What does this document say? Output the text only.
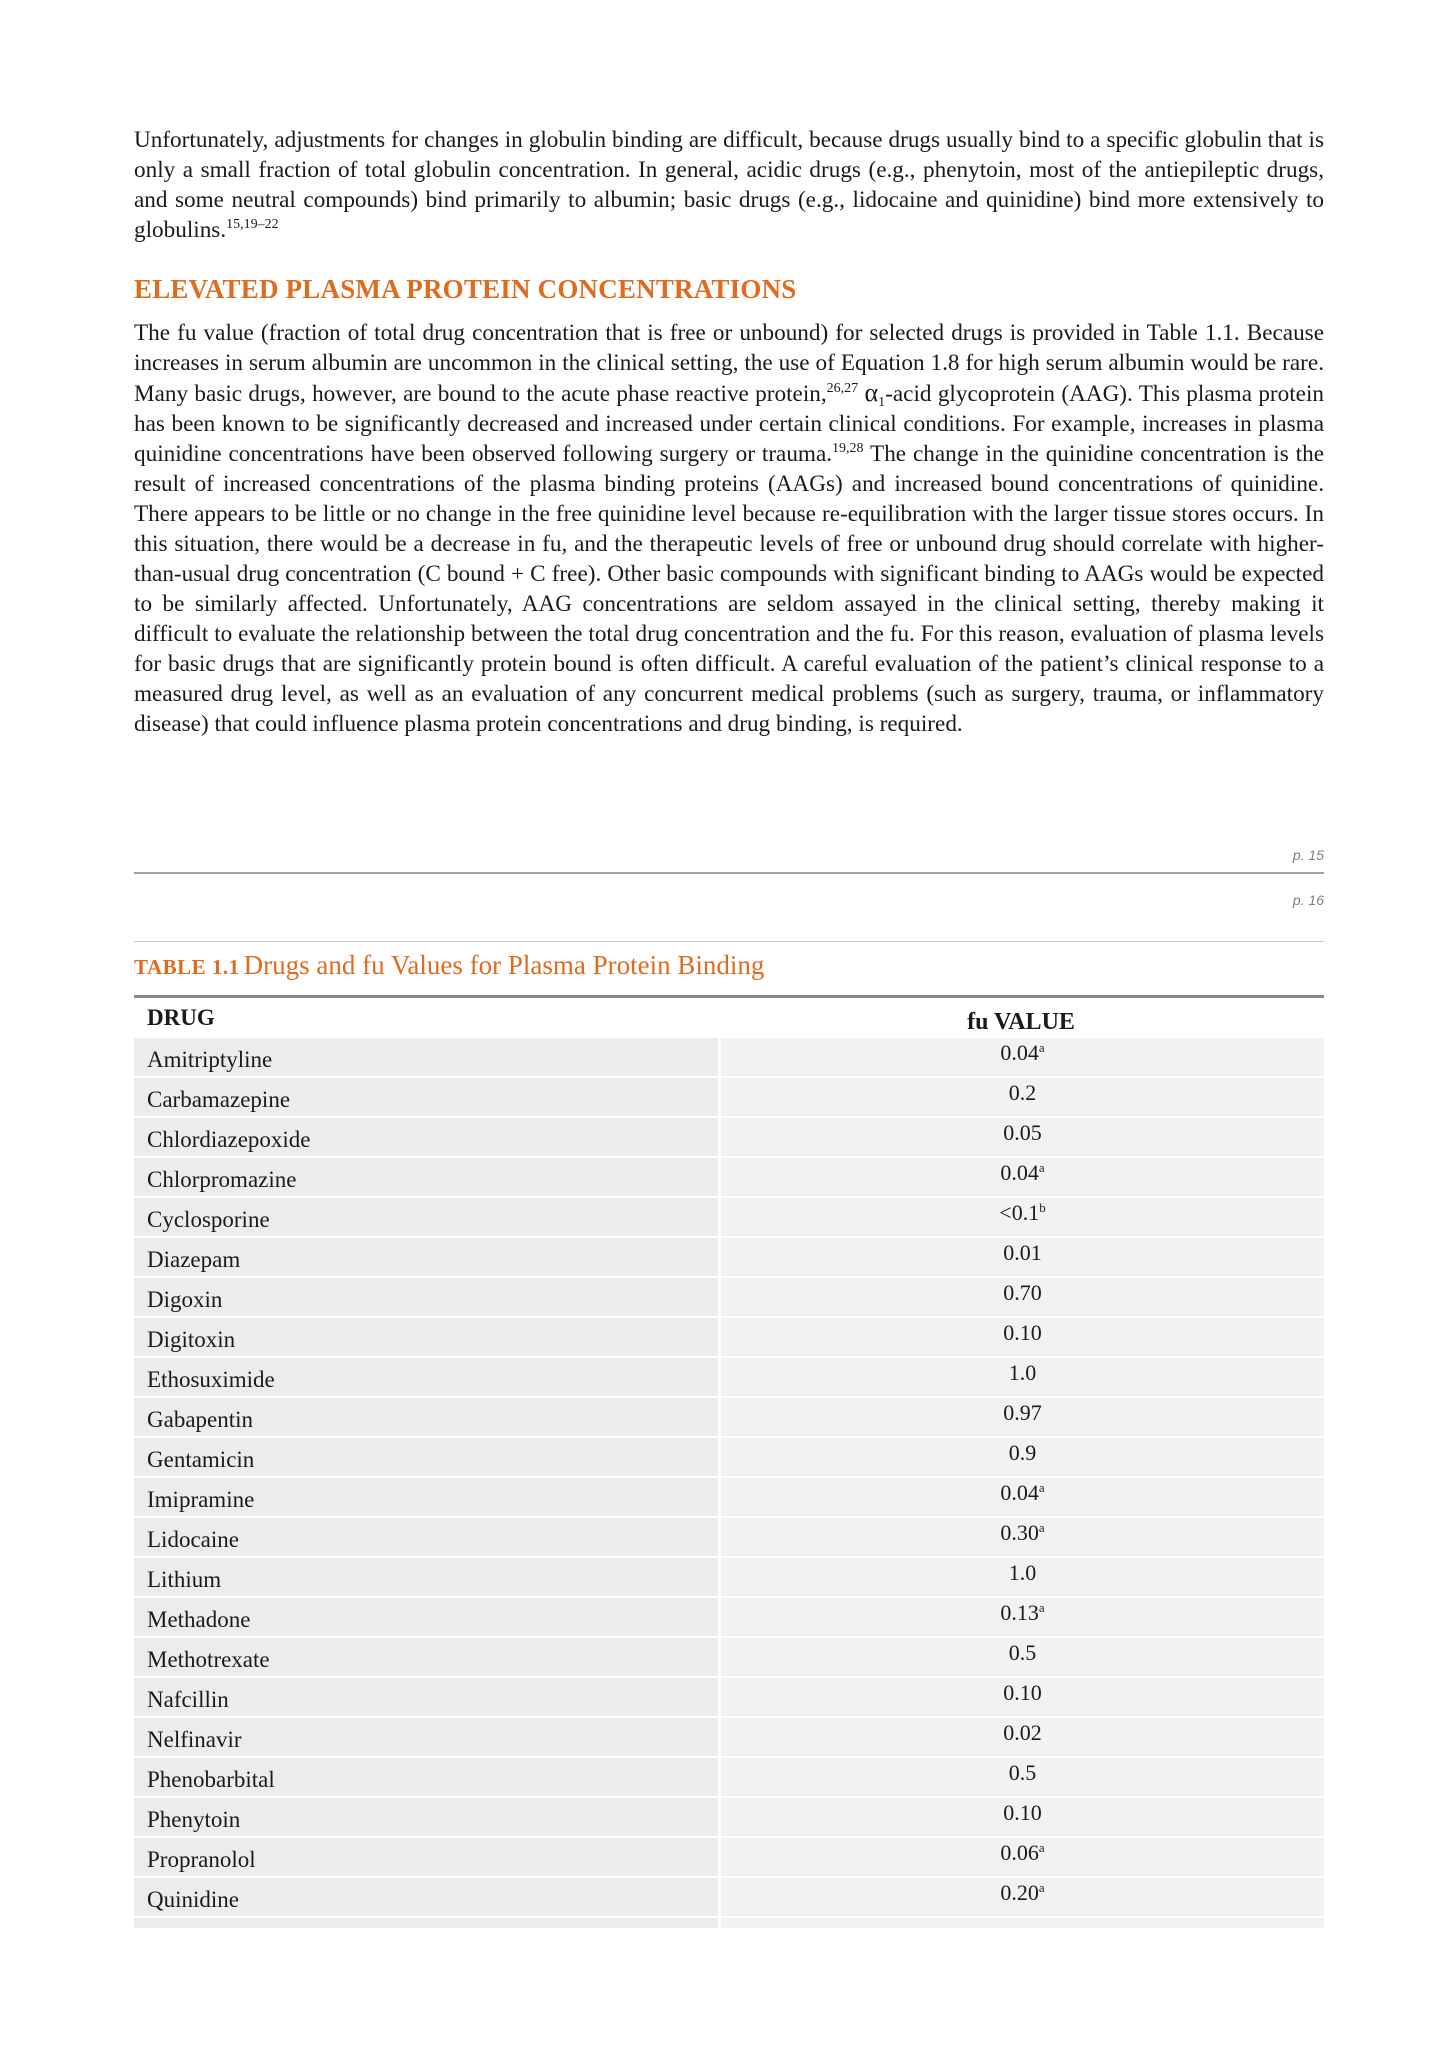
Unfortunately, adjustments for changes in globulin binding are difficult, because drugs usually bind to a specific globulin that is only a small fraction of total globulin concentration. In general, acidic drugs (e.g., phenytoin, most of the antiepileptic drugs, and some neutral compounds) bind primarily to albumin; basic drugs (e.g., lidocaine and quinidine) bind more extensively to globulins.$^{15,19-22}$

ELEVATED PLASMA PROTEIN CONCENTRATIONS

The fu value (fraction of total drug concentration that is free or unbound) for selected drugs is provided in Table 1.1. Because increases in serum albumin are uncommon in the clinical setting, the use of Equation 1.8 for high serum albumin would be rare. Many basic drugs, however, are bound to the acute phase reactive protein,$^{26,27}$ $\alpha_1$-acid glycoprotein (AAG). This plasma protein has been known to be significantly decreased and increased under certain clinical conditions. For example, increases in plasma quinidine concentrations have been observed following surgery or trauma.$^{19,28}$ The change in the quinidine concentration is the result of increased concentrations of the plasma binding proteins (AAGs) and increased bound concentrations of quinidine. There appears to be little or no change in the free quinidine level because re-equilibration with the larger tissue stores occurs. In this situation, there would be a decrease in fu, and the therapeutic levels of free or unbound drug should correlate with higher-than-usual drug concentration (C bound + C free). Other basic compounds with significant binding to AAGs would be expected to be similarly affected. Unfortunately, AAG concentrations are seldom assayed in the clinical setting, thereby making it difficult to evaluate the relationship between the total drug concentration and the fu. For this reason, evaluation of plasma levels for basic drugs that are significantly protein bound is often difficult. A careful evaluation of the patient’s clinical response to a measured drug level, as well as an evaluation of any concurrent medical problems (such as surgery, trauma, or inflammatory disease) that could influence plasma protein concentrations and drug binding, is required.

p. 15
p. 16
TABLE 1.1 Drugs and fu Values for Plasma Protein Binding
DRUG	fu VALUE
Amitriptyline	0.04$^a$
Carbamazepine	0.2
Chlordiazepoxide	0.05
Chlorpromazine	0.04$^a$
Cyclosporine	<0.1$^b$
Diazepam	0.01
Digoxin	0.70
Digitoxin	0.10
Ethosuximide	1.0
Gabapentin	0.97
Gentamicin	0.9
Imipramine	0.04$^a$
Lidocaine	0.30$^a$
Lithium	1.0
Methadone	0.13$^a$
Methotrexate	0.5
Nafcillin	0.10
Nelfinavir	0.02
Phenobarbital	0.5
Phenytoin	0.10
Propranolol	0.06$^a$
Quinidine	0.20$^a$
